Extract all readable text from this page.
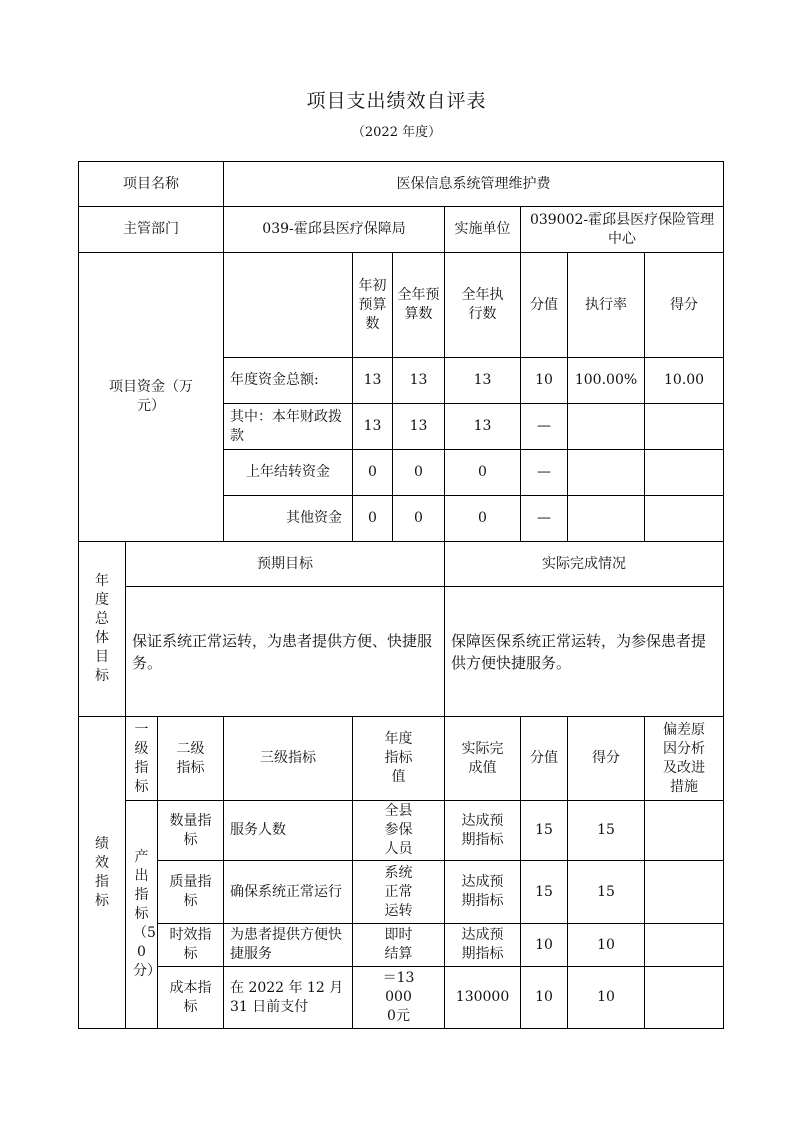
项目支出绩效自评表
（2022 年度）
项目名称			医保信息系统管理维护费						
主管部门			039-霍邱县医疗保障局			实施单位	039002-霍邱县医疗保险管理中心		
项目资金（万元）				年初预算数	全年预算数	全年执行数	分值	执行率	得分
			年度资金总额:	13	13	13	10	100.00%	10.00
			其中：本年财政拨款	13	13	13	—		
			上年结转资金	0	0	0	—		
			其他资金	0	0	0	—		
年度总体目标	预期目标					实际完成情况			
	保证系统正常运转，为患者提供方便、快捷服务。					保障医保系统正常运转，为参保患者提供方便快捷服务。			
绩效指标	一级指标	二级指标	三级指标	年度指标值		实际完成值	分值	得分	偏差原因分析及改进措施
	产出指标（50分）	数量指标	服务人数	全县参保人员		达成预期指标	15	15	
		质量指标	确保系统正常运行	系统正常运转		达成预期指标	15	15	
		时效指标	为患者提供方便快捷服务	即时结算		达成预期指标	10	10	
		成本指标	在 2022 年 12 月 31 日前支付	＝130000元		130000	10	10	
